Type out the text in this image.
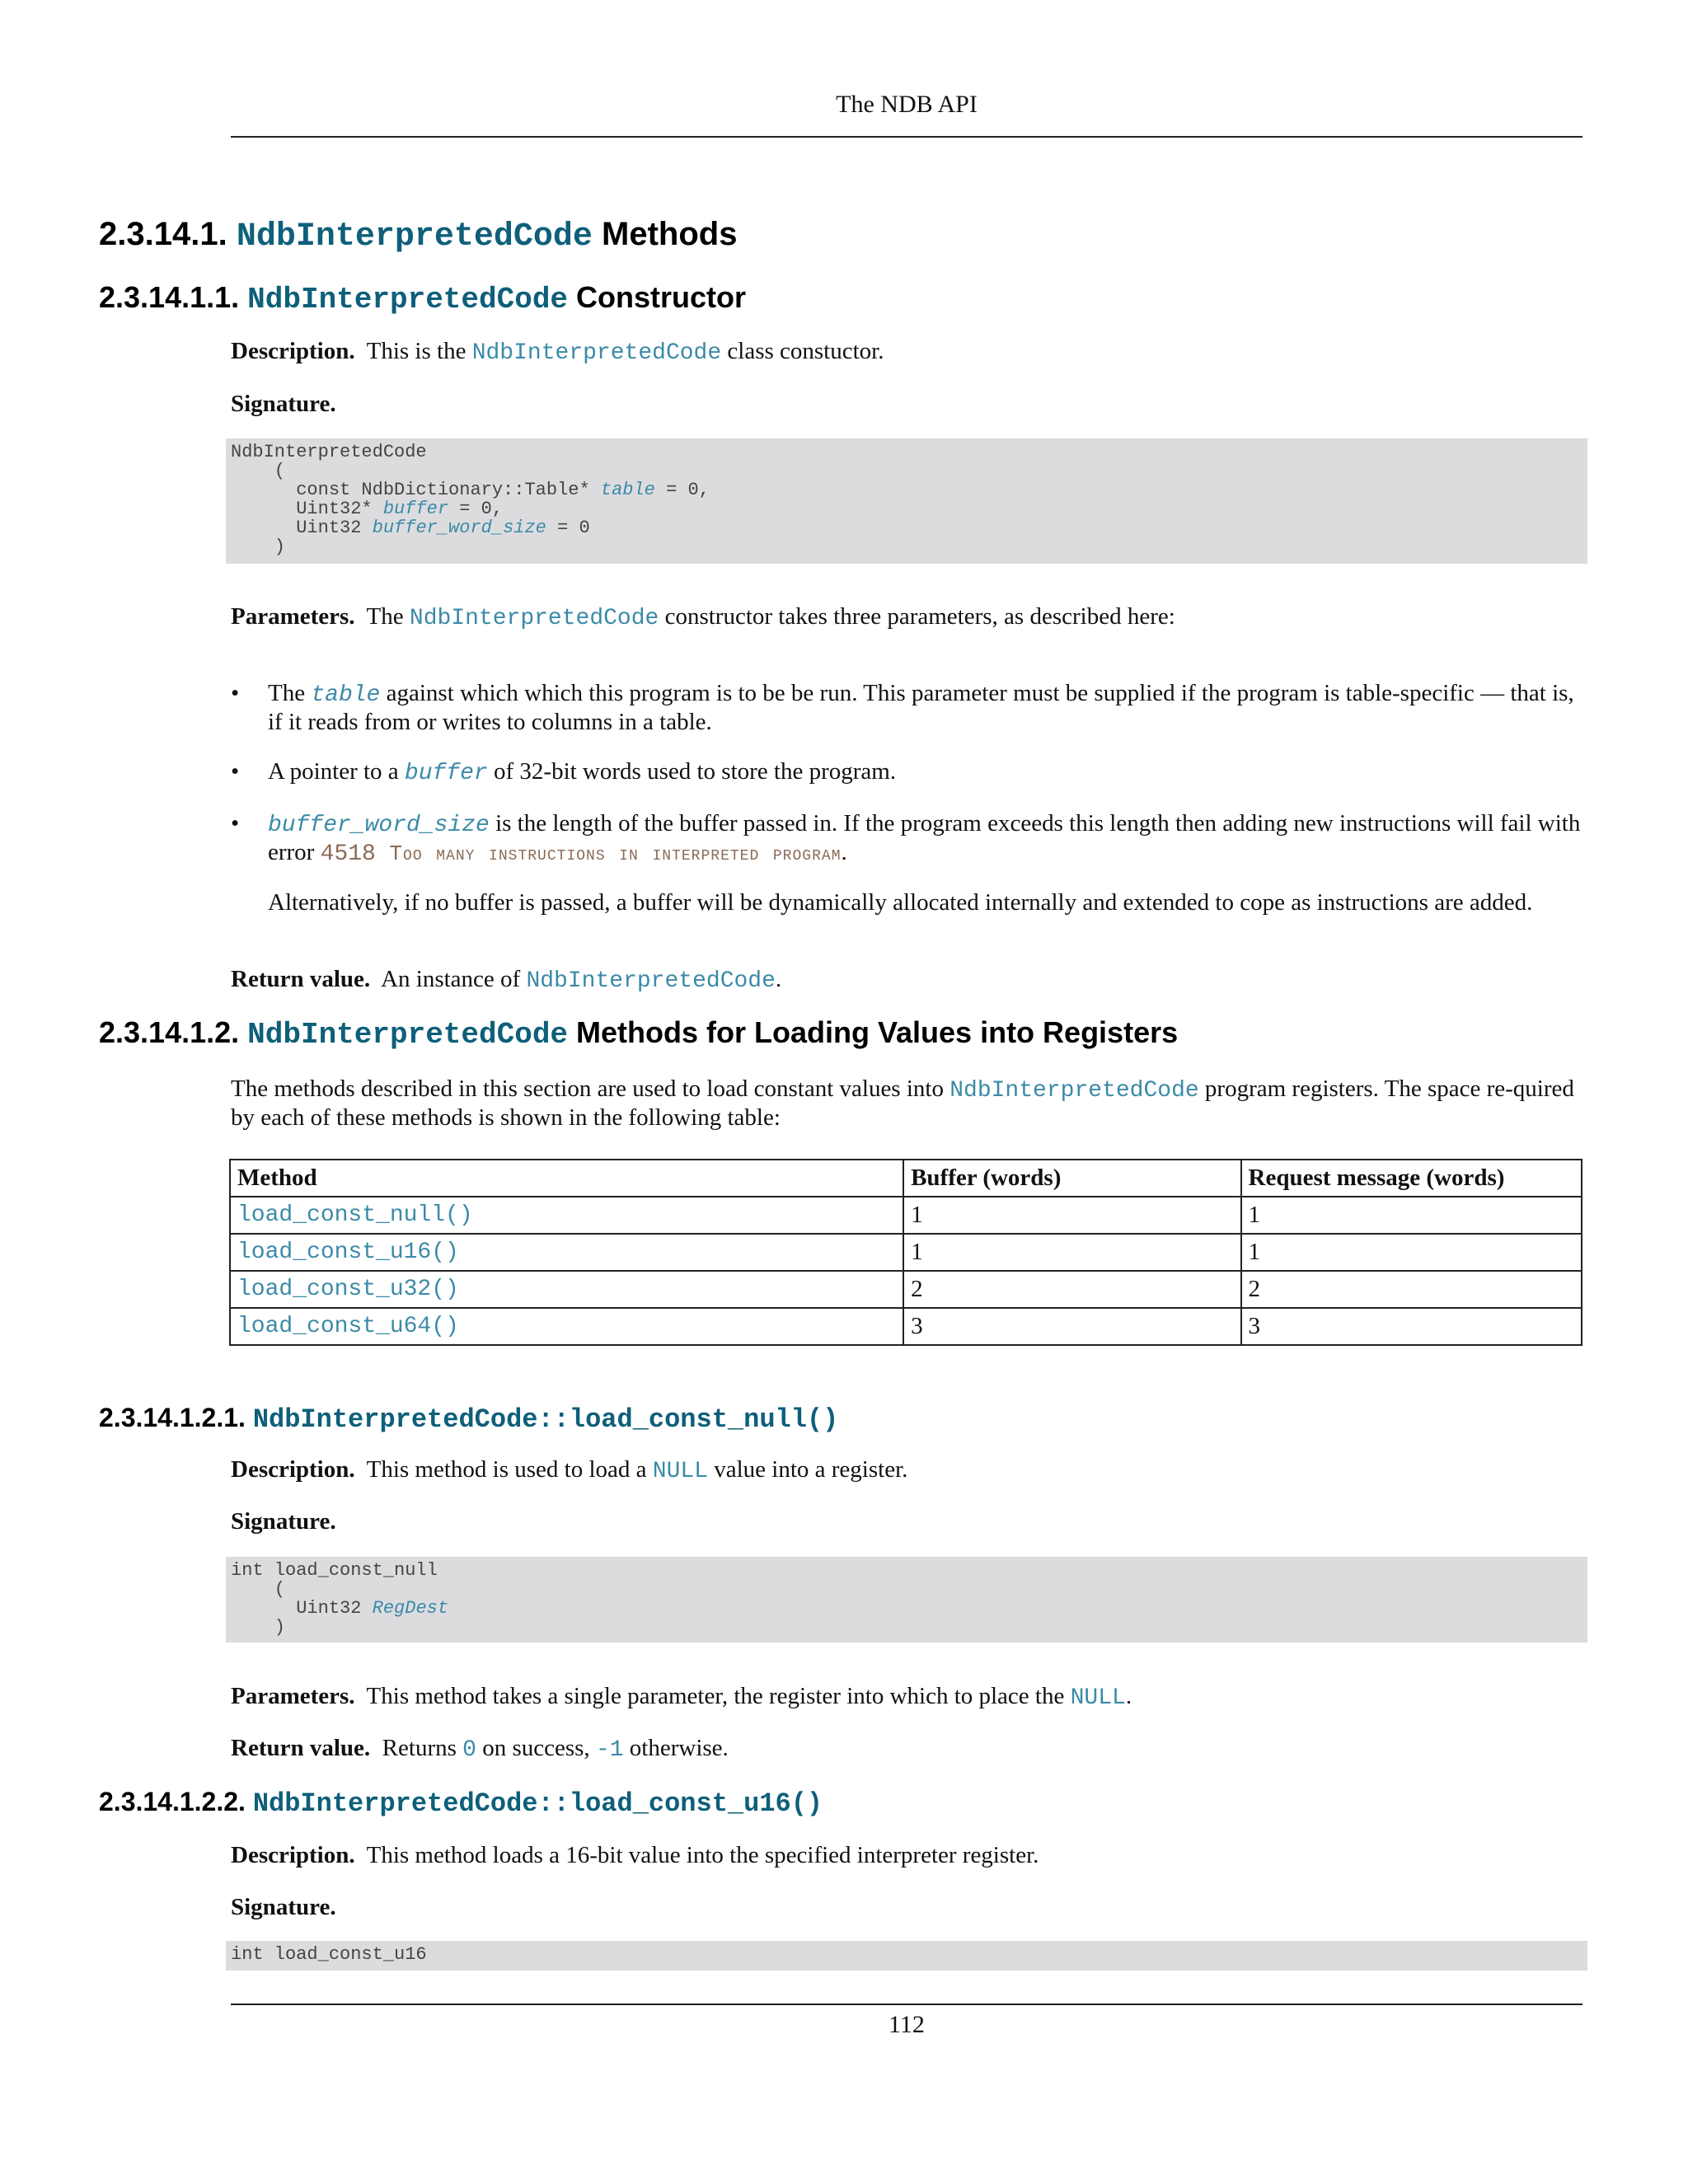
The NDB API
2.3.14.1. NdbInterpretedCode Methods
2.3.14.1.1. NdbInterpretedCode Constructor

Description. This is the NdbInterpretedCode class constuctor.

Signature.

NdbInterpretedCode
(
const NdbDictionary::Table* table = 0,
Uint32* buffer = 0,
Uint32 buffer_word_size = 0
)

Parameters. The NdbInterpretedCode constructor takes three parameters, as described here:

• The table against which which this program is to be be run. This parameter must be supplied if the program is table-specific — that is, if it reads from or writes to columns in a table.
• A pointer to a buffer of 32-bit words used to store the program.
• buffer_word_size is the length of the buffer passed in. If the program exceeds this length then adding new instructions will fail with error 4518 Too many instructions in interpreted program.
Alternatively, if no buffer is passed, a buffer will be dynamically allocated internally and extended to cope as instructions are added.

Return value. An instance of NdbInterpretedCode.

2.3.14.1.2. NdbInterpretedCode Methods for Loading Values into Registers

The methods described in this section are used to load constant values into NdbInterpretedCode program registers. The space re-quired by each of these methods is shown in the following table:

Method	Buffer (words)	Request message (words)
load_const_null()	1	1
load_const_u16()	1	1
load_const_u32()	2	2
load_const_u64()	3	3
2.3.14.1.2.1. NdbInterpretedCode::load_const_null()

Description. This method is used to load a NULL value into a register.

Signature.

int load_const_null
(
Uint32 RegDest
)

Parameters. This method takes a single parameter, the register into which to place the NULL.

Return value. Returns 0 on success, -1 otherwise.

2.3.14.1.2.2. NdbInterpretedCode::load_const_u16()

Description. This method loads a 16-bit value into the specified interpreter register.

Signature.

int load_const_u16
112
